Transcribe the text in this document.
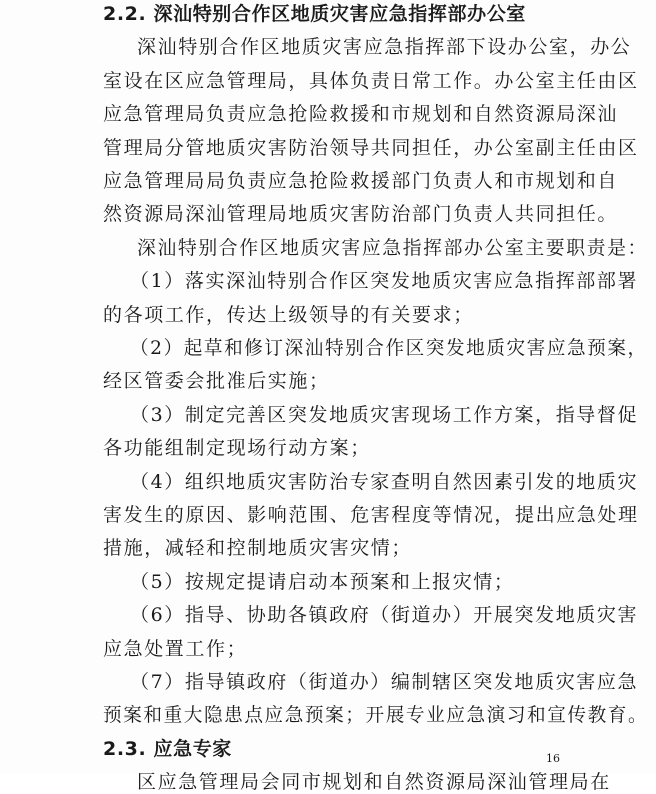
2.2. 深汕特别合作区地质灾害应急指挥部办公室
深汕特别合作区地质灾害应急指挥部下设办公室，办公
室设在区应急管理局，具体负责日常工作。办公室主任由区
应急管理局负责应急抢险救援和市规划和自然资源局深汕
管理局分管地质灾害防治领导共同担任，办公室副主任由区
应急管理局局负责应急抢险救援部门负责人和市规划和自
然资源局深汕管理局地质灾害防治部门负责人共同担任。
深汕特别合作区地质灾害应急指挥部办公室主要职责是：
（1）落实深汕特别合作区突发地质灾害应急指挥部部署
的各项工作，传达上级领导的有关要求；
（2）起草和修订深汕特别合作区突发地质灾害应急预案，
经区管委会批准后实施；
（3）制定完善区突发地质灾害现场工作方案，指导督促
各功能组制定现场行动方案；
（4）组织地质灾害防治专家查明自然因素引发的地质灾
害发生的原因、影响范围、危害程度等情况，提出应急处理
措施，减轻和控制地质灾害灾情；
（5）按规定提请启动本预案和上报灾情；
（6）指导、协助各镇政府（街道办）开展突发地质灾害
应急处置工作；
（7）指导镇政府（街道办）编制辖区突发地质灾害应急
预案和重大隐患点应急预案；开展专业应急演习和宣传教育。
2.3. 应急专家
区应急管理局会同市规划和自然资源局深汕管理局在
16
